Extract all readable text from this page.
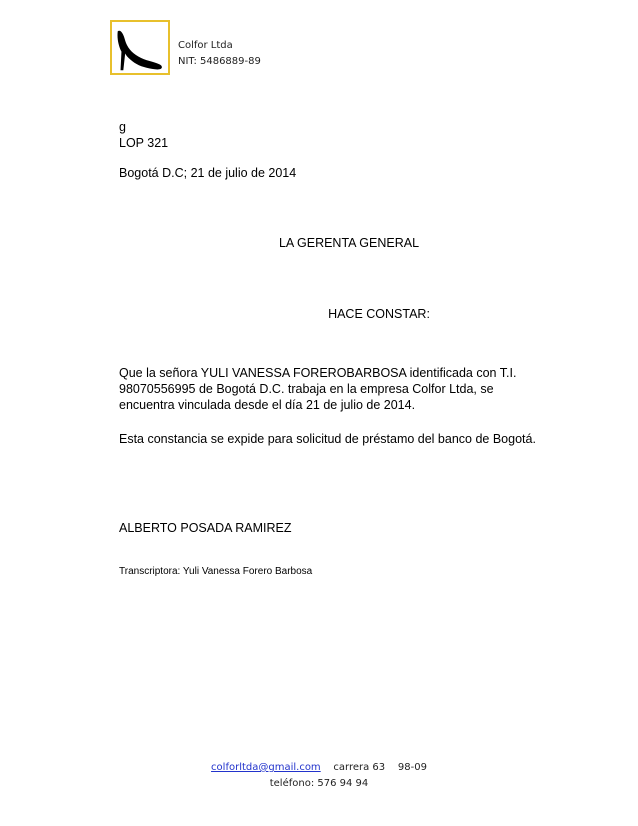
Colfor Ltda
NIT: 5486889-89
g
LOP 321
Bogotá D.C; 21 de julio de 2014
LA GERENTA GENERAL
HACE CONSTAR:
Que la señora YULI VANESSA FOREROBARBOSA identificada con T.I.
98070556995 de Bogotá D.C. trabaja en la empresa Colfor Ltda, se
encuentra vinculada desde el día 21 de julio de 2014.
Esta constancia se expide para solicitud de préstamo del banco de Bogotá.
ALBERTO POSADA RAMIREZ
Transcriptora: Yuli Vanessa Forero Barbosa
colforltda@gmail.com carrera 63    98-09
teléfono: 576 94 94
